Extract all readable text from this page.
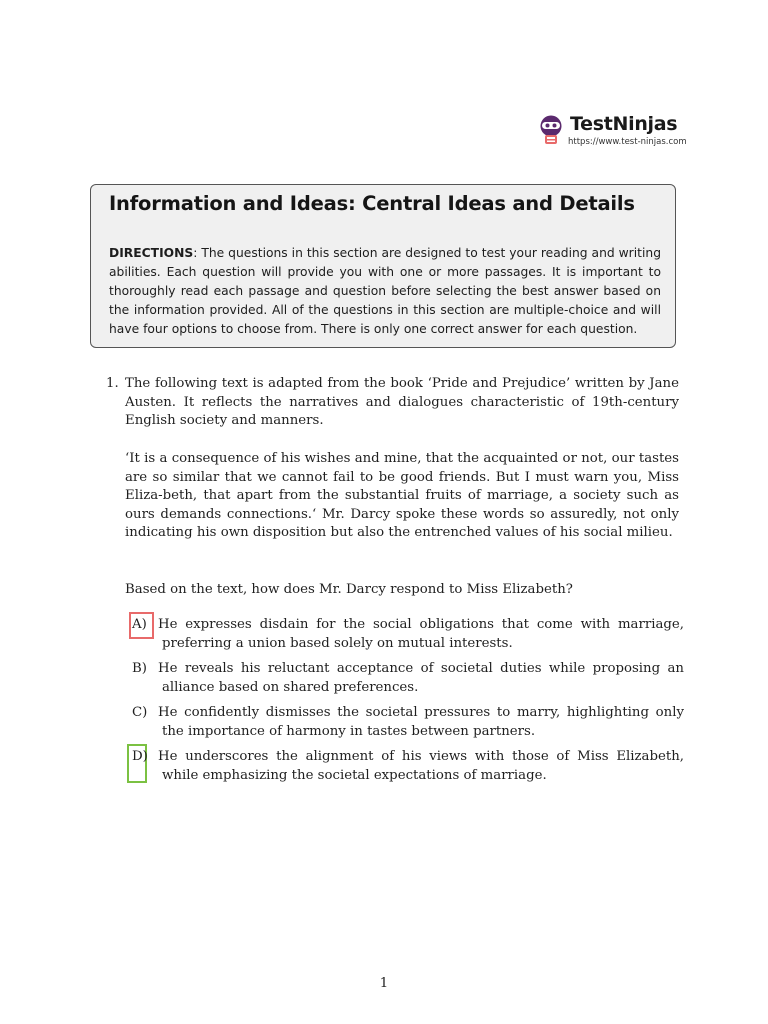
TestNinjas
https://www.test-ninjas.com
Information and Ideas: Central Ideas and Details
DIRECTIONS: The questions in this section are designed to test your reading and writing abilities. Each question will provide you with one or more passages. It is important to thoroughly read each passage and question before selecting the best answer based on the information provided. All of the questions in this section are multiple-choice and will have four options to choose from. There is only one correct answer for each question.
1. The following text is adapted from the book ‘Pride and Prejudice’ written by Jane Austen. It reflects the narratives and dialogues characteristic of 19th-century English society and manners.
‘It is a consequence of his wishes and mine, that the acquainted or not, our tastes are so similar that we cannot fail to be good friends. But I must warn you, Miss Eliza-beth, that apart from the substantial fruits of marriage, a society such as ours demands connections.‘ Mr. Darcy spoke these words so assuredly, not only indicating his own disposition but also the entrenched values of his social milieu.
Based on the text, how does Mr. Darcy respond to Miss Elizabeth?
A) He expresses disdain for the social obligations that come with marriage, preferring a union based solely on mutual interests.
B) He reveals his reluctant acceptance of societal duties while proposing an alliance based on shared preferences.
C) He confidently dismisses the societal pressures to marry, highlighting only the importance of harmony in tastes between partners.
D) He underscores the alignment of his views with those of Miss Elizabeth, while emphasizing the societal expectations of marriage.
1
